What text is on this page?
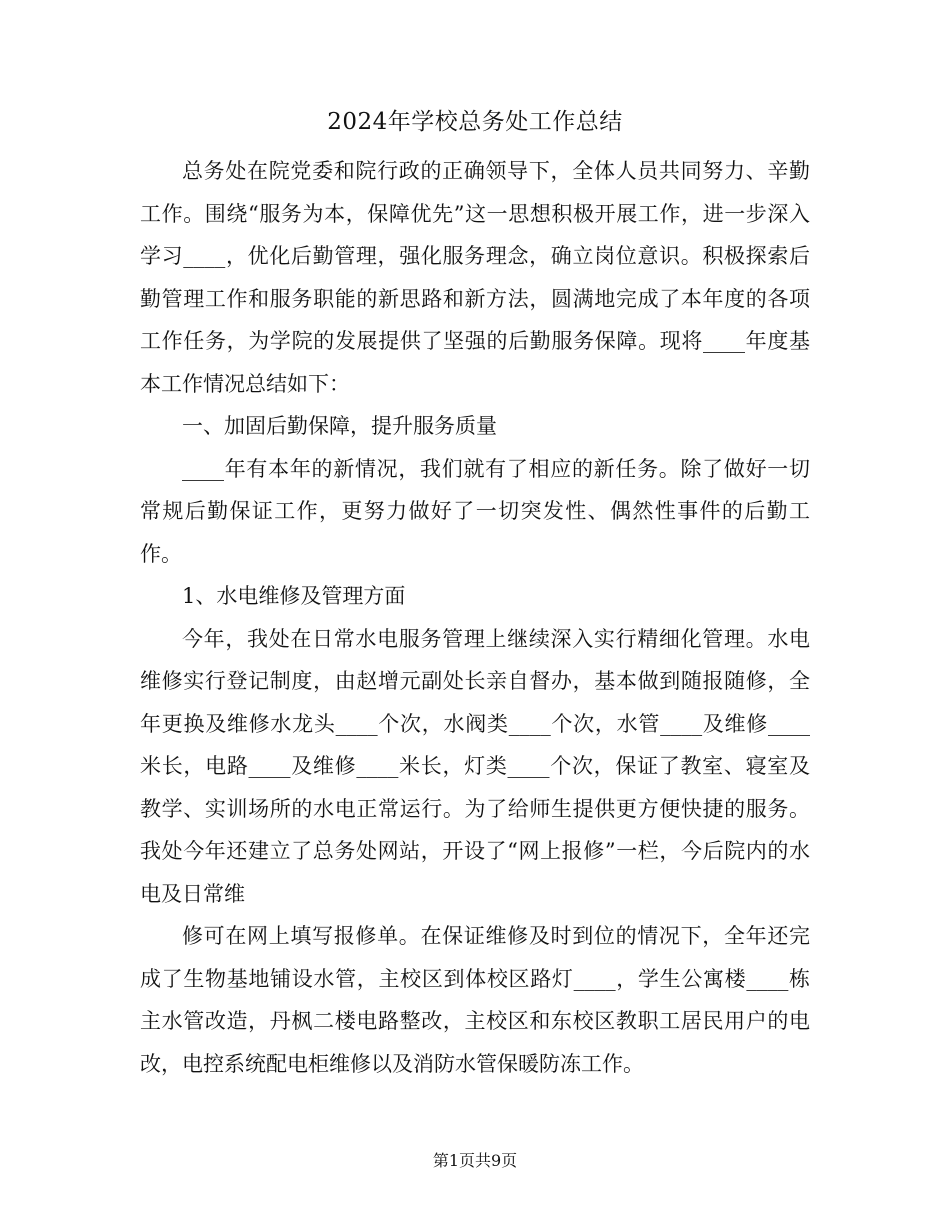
2024年学校总务处工作总结

总务处在院党委和院行政的正确领导下，全体人员共同努力、辛勤工作。围绕“服务为本，保障优先”这一思想积极开展工作，进一步深入学习____，优化后勤管理，强化服务理念，确立岗位意识。积极探索后勤管理工作和服务职能的新思路和新方法，圆满地完成了本年度的各项工作任务，为学院的发展提供了坚强的后勤服务保障。现将____年度基本工作情况总结如下：

一、加固后勤保障，提升服务质量

____年有本年的新情况，我们就有了相应的新任务。除了做好一切常规后勤保证工作，更努力做好了一切突发性、偶然性事件的后勤工作。

1、水电维修及管理方面

今年，我处在日常水电服务管理上继续深入实行精细化管理。水电维修实行登记制度，由赵增元副处长亲自督办，基本做到随报随修，全年更换及维修水龙头____个次，水阀类____个次，水管____及维修____米长，电路____及维修____米长，灯类____个次，保证了教室、寝室及教学、实训场所的水电正常运行。为了给师生提供更方便快捷的服务。我处今年还建立了总务处网站，开设了“网上报修”一栏，今后院内的水电及日常维

修可在网上填写报修单。在保证维修及时到位的情况下，全年还完成了生物基地铺设水管，主校区到体校区路灯____，学生公寓楼____栋主水管改造，丹枫二楼电路整改，主校区和东校区教职工居民用户的电改，电控系统配电柜维修以及消防水管保暖防冻工作。

第1页共9页
